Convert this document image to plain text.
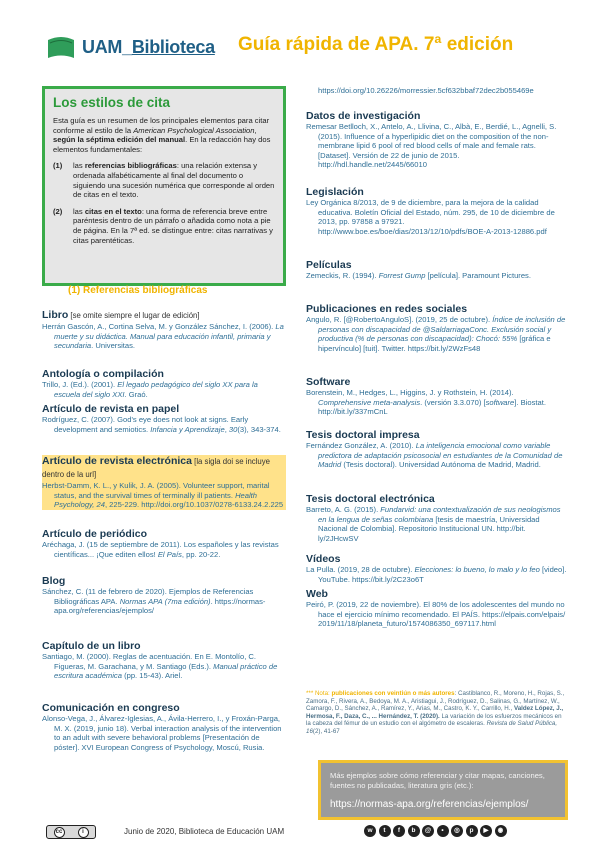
UAM_Biblioteca Guía rápida de APA. 7ª edición
Los estilos de cita
Esta guía es un resumen de los principales elementos para citar conforme al estilo de la American Psychological Association, según la séptima edición del manual. En la redacción hay dos elementos fundamentales:
(1)	las referencias bibliográficas: una relación extensa y ordenada alfabéticamente al final del documento o siguiendo una sucesión numérica que corresponde al orden de citas en el texto.
(2)	las citas en el texto: una forma de referencia breve entre paréntesis dentro de un párrafo o añadida como nota a pie de página. En la 7ª ed. se distingue entre: citas narrativas y citas parentéticas.
(1) Referencias bibliográficas
Libro [se omite siempre el lugar de edición]
Herrán Gascón, A., Cortina Selva, M. y González Sánchez, I. (2006). La muerte y su didáctica. Manual para educación infantil, primaria y secundaria. Universitas.
Antología o compilación
Trillo, J. (Ed.). (2001). El legado pedagógico del siglo XX para la escuela del siglo XXI. Graó.
Artículo de revista en papel
Rodríguez, C. (2007). God's eye does not look at signs. Early development and semiotics. Infancia y Aprendizaje, 30(3), 343-374.
Artículo de revista electrónica [la sigla doi se incluye dentro de la url]
Herbst-Damm, K. L., y Kulik, J. A. (2005). Volunteer support, marital status, and the survival times of terminally ill patients. Health Psychology, 24, 225-229. http://doi.org/10.1037/0278-6133.24.2.225
Artículo de periódico
Aréchaga, J. (15 de septiembre de 2011). Los españoles y las revistas científicas... ¡Que editen ellos! El País, pp. 20-22.
Blog
Sánchez, C. (11 de febrero de 2020). Ejemplos de Referencias Bibliográficas APA. Normas APA (7ma edición). https://normas-apa.org/referencias/ejemplos/
Capítulo de un libro
Santiago, M. (2000). Reglas de acentuación. En E. Montolío, C. Figueras, M. Garachana, y M. Santiago (Eds.). Manual práctico de escritura académica (pp. 15-43). Ariel.
Comunicación en congreso
Alonso-Vega, J., Álvarez-Iglesias, A., Ávila-Herrero, I., y Froxán-Parga, M. X. (2019, junio 18). Verbal interaction analysis of the intervention to an adult with severe behavioral problems [Presentación de póster]. XVI European Congress of Psychology, Moscú, Rusia.
https://doi.org/10.26226/morressier.5cf632bbaf72dec2b055469e
Datos de investigación
Remesar Betlloch, X., Antelo, A., Llivina, C., Albà, E., Berdié, L., Agnelli, S. (2015). Influence of a hyperlipidic diet on the composition of the non-membrane lipid 6 pool of red blood cells of male and female rats. [Dataset]. Versión de 22 de junio de 2015. http://hdl.handle.net/2445/66010
Legislación
Ley Orgánica 8/2013, de 9 de diciembre, para la mejora de la calidad educativa. Boletín Oficial del Estado, núm. 295, de 10 de diciembre de 2013, pp. 97858 a 97921. http://www.boe.es/boe/dias/2013/12/10/pdfs/BOE-A-2013-12886.pdf
Películas
Zemeckis, R. (1994). Forrest Gump [película]. Paramount Pictures.
Publicaciones en redes sociales
Angulo, R. [@RobertoAnguloS]. (2019, 25 de octubre). Índice de inclusión de personas con discapacidad de @SaldarriagaConc. Exclusión social y productiva (% de personas con discapacidad): Chocó: 55% [gráfica e hipervínculo] [tuit]. Twitter. https://bit.ly/2WzFs48
Software
Borenstein, M., Hedges, L., Higgins, J. y Rothstein, H. (2014). Comprehensive meta-analysis. (versión 3.3.070) [software]. Biostat. http://bit.ly/337mCnL
Tesis doctoral impresa
Fernández González, A. (2010). La inteligencia emocional como variable predictora de adaptación psicosocial en estudiantes de la Comunidad de Madrid (Tesis doctoral). Universidad Autónoma de Madrid, Madrid.
Tesis doctoral electrónica
Barreto, A. G. (2015). Fundarvid: una contextualización de sus neologismos en la lengua de señas colombiana [tesis de maestría, Universidad Nacional de Colombia]. Repositorio Institucional UN. http://bit. ly/2JHcwSV
Vídeos
La Pulla. (2019, 28 de octubre). Elecciones: lo bueno, lo malo y lo feo [video]. YouTube. https://bit.ly/2C23o6T
Web
Peiró, P. (2019, 22 de noviembre). El 80% de los adolescentes del mundo no hace el ejercicio mínimo recomendado. El PAÍS. https://elpais.com/elpais/2019/11/18/planeta_futuro/1574086350_697117.html
*** Nota: publicaciones con veintiún o más autores: Castiblanco, R., Moreno, H., Rojas, S., Zamora, F., Rivera, A., Bedoya, M. A., Aristiagui, J., Rodríguez, D., Salinas, G., Martínez, W., Camargo, D., Sánchez, A., Ramírez, Y., Arias, M., Castro, K. Y., Carrillo, H., Valdez López, J., Hermosa, F., Daza, C., ... Hernández, T. (2020). La variación de los esfuerzos mecánicos en la cabeza del fémur de un estudio con el algómetro de escaleras. Revista de Salud Pública, 16(2), 41-67
Más ejemplos sobre cómo referenciar y citar mapas, canciones, fuentes no publicadas, literatura gris (etc.):
https://normas-apa.org/referencias/ejemplos/
cc	i	Junio de 2020, Biblioteca de Educación UAM	w	t	f	b	@	•	◎	p	▶	◉
